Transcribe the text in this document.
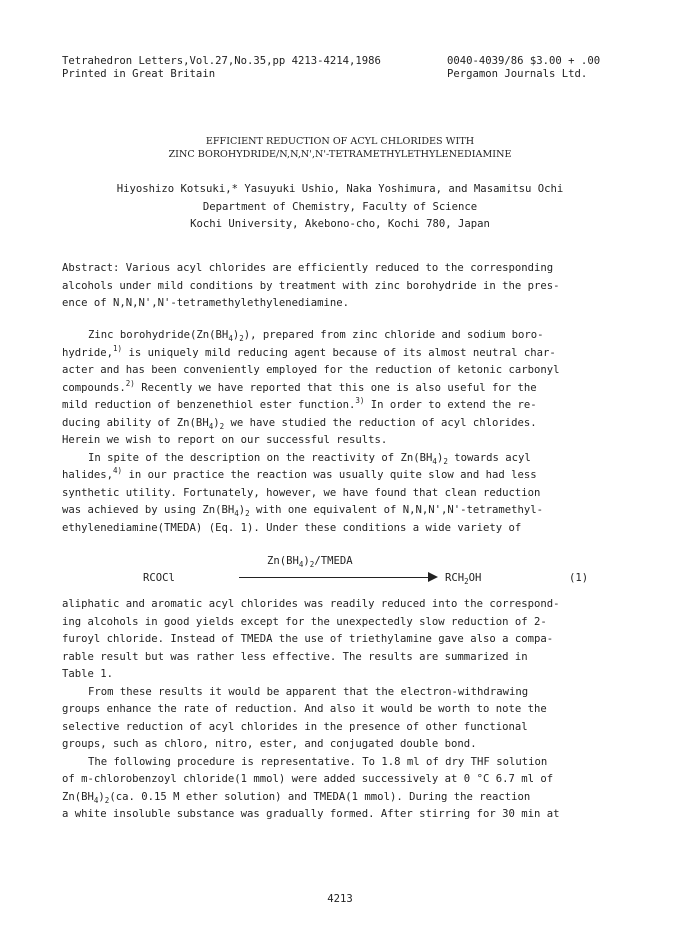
Tetrahedron Letters,Vol.27,No.35,pp 4213-4214,1986	0040-4039/86 $3.00 + .00
Printed in Great Britain	Pergamon Journals Ltd.
EFFICIENT REDUCTION OF ACYL CHLORIDES WITH
ZINC BOROHYDRIDE/N,N,N',N'-TETRAMETHYLETHYLENEDIAMINE
Hiyoshizo Kotsuki,* Yasuyuki Ushio, Naka Yoshimura, and Masamitsu Ochi
Department of Chemistry, Faculty of Science
Kochi University, Akebono-cho, Kochi 780, Japan
Abstract: Various acyl chlorides are efficiently reduced to the corresponding
alcohols under mild conditions by treatment with zinc borohydride in the pres-
ence of N,N,N',N'-tetramethylethylenediamine.
Zinc $borohydride(Zn(BH_4)_2)$, prepared from zinc chloride and sodium boro-
hydride,$^{1)}$ is uniquely mild reducing agent because of its almost neutral char-
acter and has been conveniently employed for the reduction of ketonic carbonyl
compounds.$^{2)}$ Recently we have reported that this one is also useful for the
mild reduction of benzenethiol ester function.$^{3)}$ In order to extend the re-
ducing ability of $Zn(BH_4)_2$ we have studied the reduction of acyl chlorides.
Herein we wish to report on our successful results.
In spite of the description on the reactivity of $Zn(BH_4)_2$ towards acyl
halides,$^{4)}$ in our practice the reaction was usually quite slow and had less
synthetic utility. Fortunately, however, we have found that clean reduction
was achieved by using $Zn(BH_4)_2$ with one equivalent of N,N,N',N'-tetramethyl-
ethylenediamine(TMEDA) (Eq. 1). Under these conditions a wide variety of
$Zn(BH_4)_2$/TMEDA
RCOCl	$RCH_2OH$	(1)
aliphatic and aromatic acyl chlorides was readily reduced into the correspond-
ing alcohols in good yields except for the unexpectedly slow reduction of 2-
furoyl chloride. Instead of TMEDA the use of triethylamine gave also a compa-
rable result but was rather less effective. The results are summarized in
Table 1.
From these results it would be apparent that the electron-withdrawing
groups enhance the rate of reduction. And also it would be worth to note the
selective reduction of acyl chlorides in the presence of other functional
groups, such as chloro, nitro, ester, and conjugated double bond.
The following procedure is representative. To 1.8 ml of dry THF solution
of m-chlorobenzoyl chloride(1 mmol) were added successively at 0 °C 6.7 ml of
$Zn(BH_4)_2(ca$. 0.15 M ether solution) and TMEDA(1 mmol). During the reaction
a white insoluble substance was gradually formed. After stirring for 30 min at
4213
